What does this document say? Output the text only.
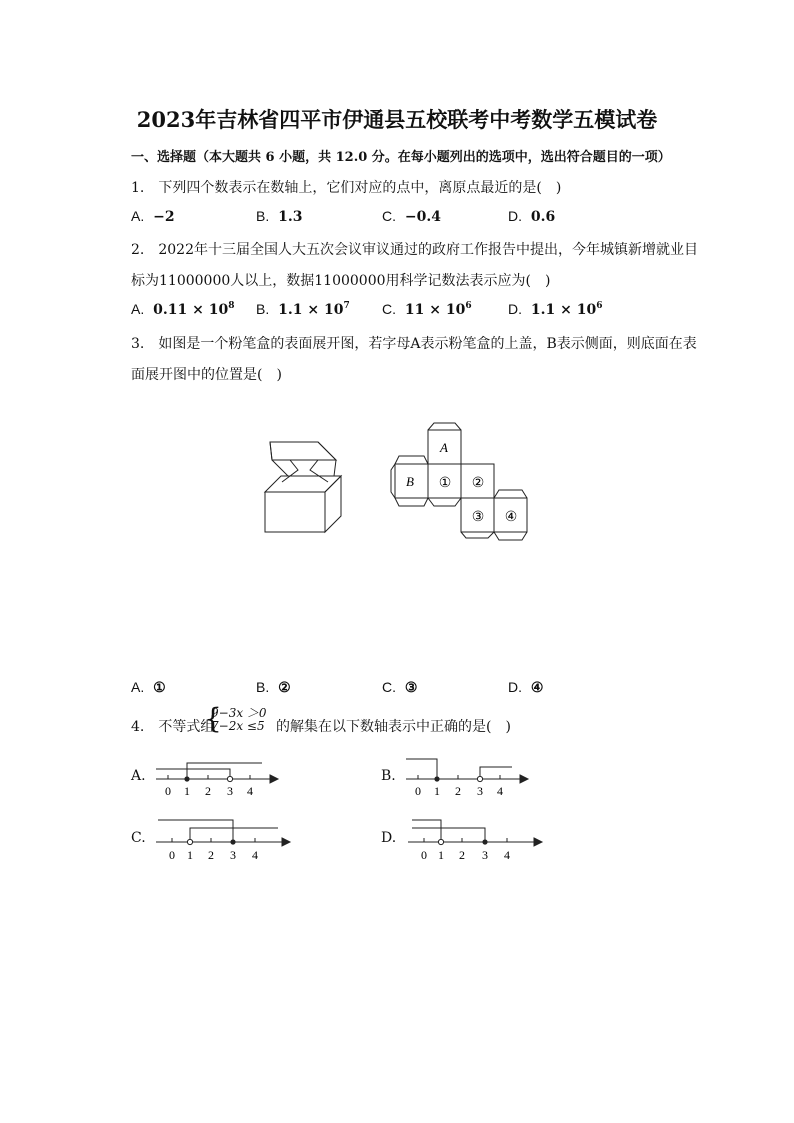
2023年吉林省四平市伊通县五校联考中考数学五模试卷
一、选择题（本大题共 6 小题，共 12.0 分。在每小题列出的选项中，选出符合题目的一项）
1.　下列四个数表示在数轴上，它们对应的点中，离原点最近的是(　)
A. −2	B. 1.3	C. −0.4	D. 0.6
2.　2022年十三届全国人大五次会议审议通过的政府工作报告中提出，今年城镇新增就业目
标为11000000人以上，数据11000000用科学记数法表示应为(　)
A. $0.11 \times 10^8$ B. $1.1 \times 10^7$ C. $11 \times 10^6$	D. $1.1 \times 10^6$
3.　如图是一个粉笔盒的表面展开图，若字母A表示粉笔盒的上盖，B表示侧面，则底面在表
面展开图中的位置是(　)
A
B ① ②
③ ④
A. ①	B. ②	C. ③	D. ④
4.　不等式组
{
9−3x ＞0
7−2x ≤5 的解集在以下数轴表示中正确的是(　)
A.
0 1 2 3 4
B.
0 1 2 3 4
C.
0 1 2 3 4
D.
0 1 2 3 4
